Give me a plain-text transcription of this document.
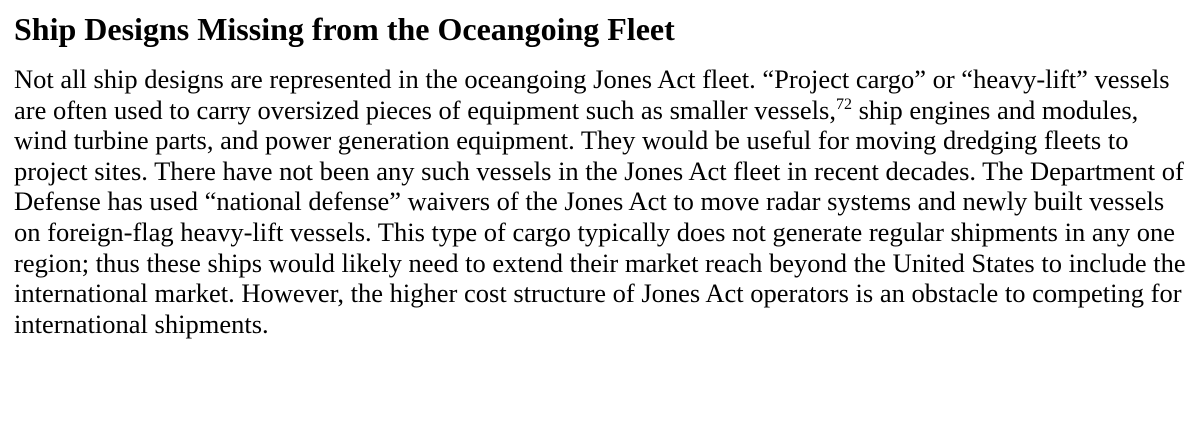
Ship Designs Missing from the Oceangoing Fleet

Not all ship designs are represented in the oceangoing Jones Act fleet. “Project cargo” or “heavy-lift” vessels are often used to carry oversized pieces of equipment such as smaller vessels,$^{72}$ ship engines and modules, wind turbine parts, and power generation equipment. They would be useful for moving dredging fleets to project sites. There have not been any such vessels in the Jones Act fleet in recent decades. The Department of Defense has used “national defense” waivers of the Jones Act to move radar systems and newly built vessels on foreign-flag heavy-lift vessels. This type of cargo typically does not generate regular shipments in any one region; thus these ships would likely need to extend their market reach beyond the United States to include the international market. However, the higher cost structure of Jones Act operators is an obstacle to competing for international shipments.
